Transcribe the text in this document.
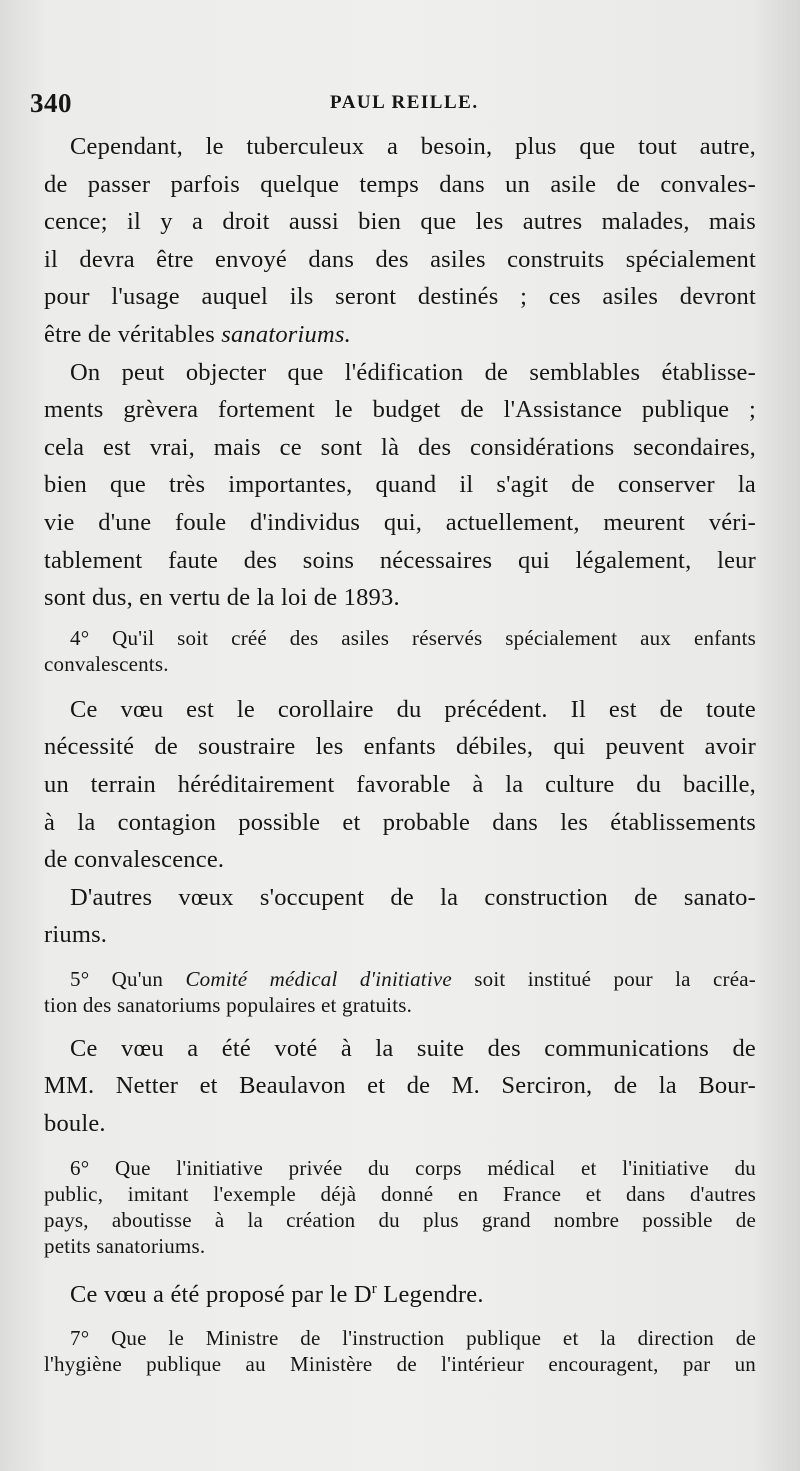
340	PAUL REILLE.

Cependant, le tuberculeux a besoin, plus que tout autre,
de passer parfois quelque temps dans un asile de convales-
cence; il y a droit aussi bien que les autres malades, mais
il devra être envoyé dans des asiles construits spécialement
pour l'usage auquel ils seront destinés ; ces asiles devront
être de véritables sanatoriums.

On peut objecter que l'édification de semblables établisse-
ments grèvera fortement le budget de l'Assistance publique ;
cela est vrai, mais ce sont là des considérations secondaires,
bien que très importantes, quand il s'agit de conserver la
vie d'une foule d'individus qui, actuellement, meurent véri-
tablement faute des soins nécessaires qui légalement, leur
sont dus, en vertu de la loi de 1893.

4° Qu'il soit créé des asiles réservés spécialement aux enfants
convalescents.

Ce vœu est le corollaire du précédent. Il est de toute
nécessité de soustraire les enfants débiles, qui peuvent avoir
un terrain héréditairement favorable à la culture du bacille,
à la contagion possible et probable dans les établissements
de convalescence.

D'autres vœux s'occupent de la construction de sanato-
riums.

5° Qu'un Comité médical d'initiative soit institué pour la créa-
tion des sanatoriums populaires et gratuits.

Ce vœu a été voté à la suite des communications de
MM. Netter et Beaulavon et de M. Serciron, de la Bour-
boule.

6° Que l'initiative privée du corps médical et l'initiative du
public, imitant l'exemple déjà donné en France et dans d'autres
pays, aboutisse à la création du plus grand nombre possible de
petits sanatoriums.

Ce vœu a été proposé par le $D^r$ Legendre.

7° Que le Ministre de l'instruction publique et la direction de
l'hygiène publique au Ministère de l'intérieur encouragent, par un
